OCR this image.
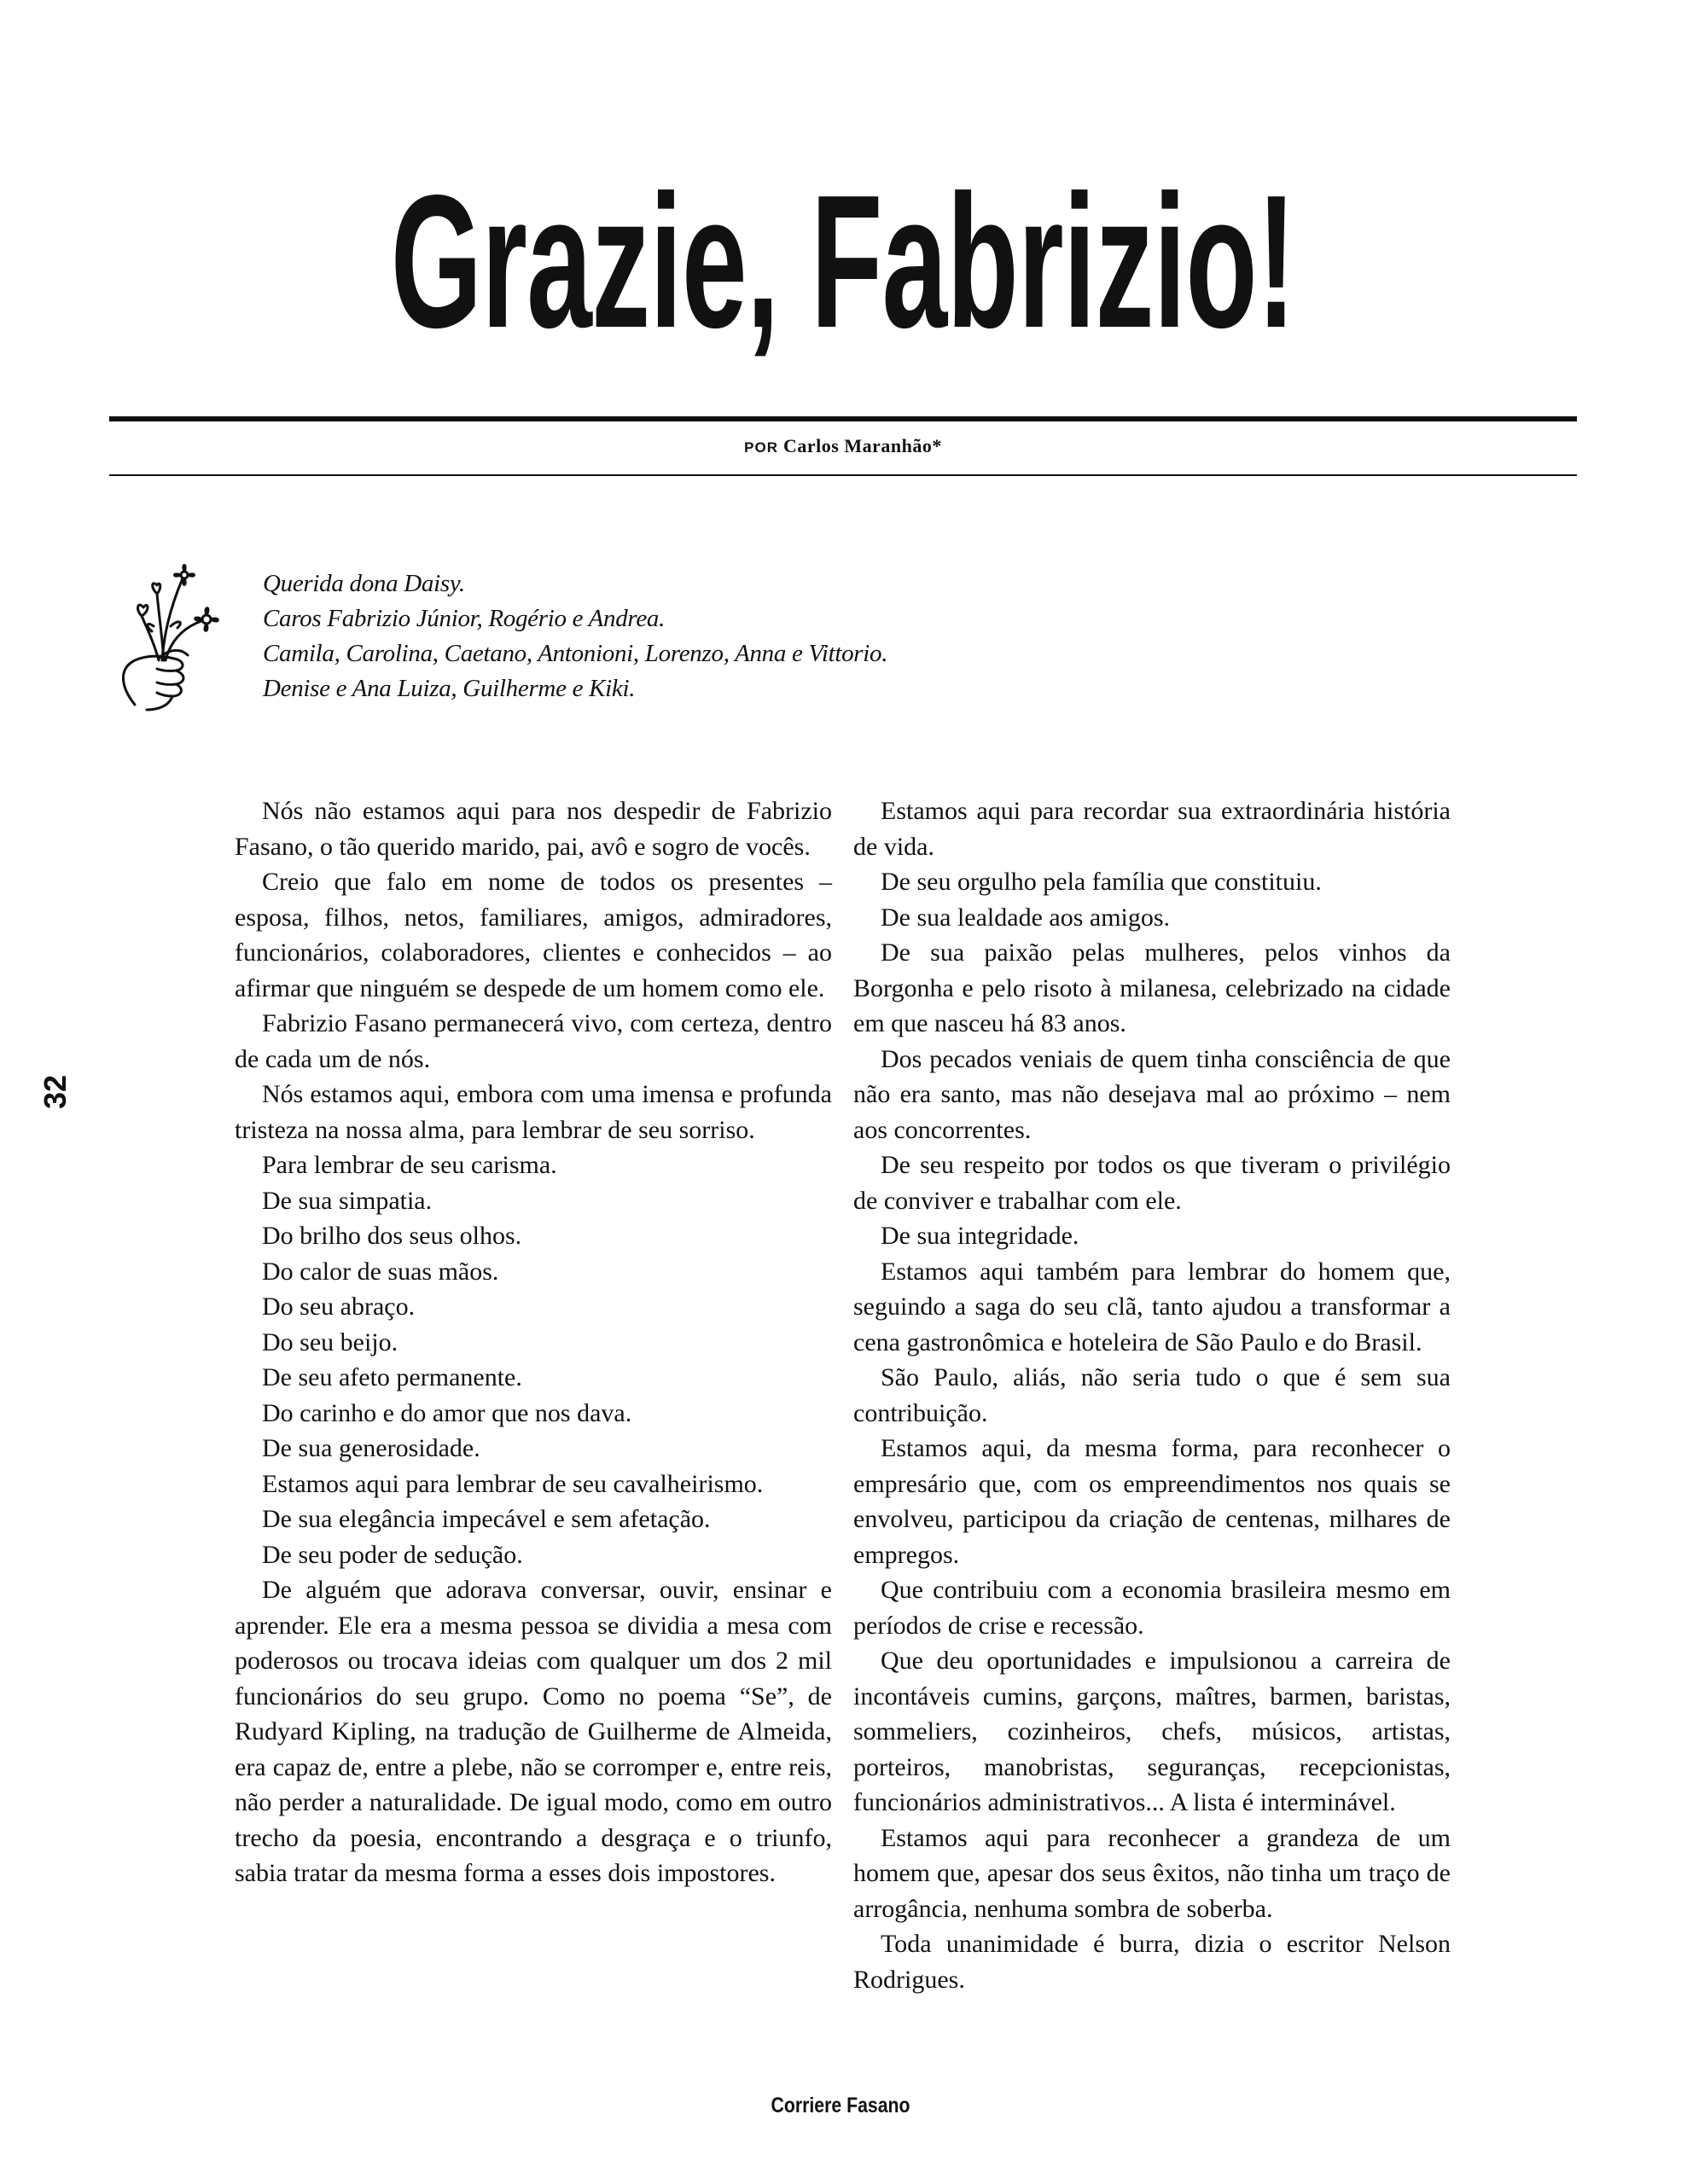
Grazie, Fabrizio!
POR Carlos Maranhão*

Querida dona Daisy.

Caros Fabrizio Júnior, Rogério e Andrea.

Camila, Carolina, Caetano, Antonioni, Lorenzo, Anna e Vittorio.

Denise e Ana Luiza, Guilherme e Kiki.

32

Nós não estamos aqui para nos despedir de Fabrizio Fasano, o tão querido marido, pai, avô e sogro de vocês.

Creio que falo em nome de todos os presentes – esposa, filhos, netos, familiares, amigos, admiradores, funcionários, colaboradores, clientes e conhecidos – ao afirmar que ninguém se despede de um homem como ele.

Fabrizio Fasano permanecerá vivo, com certeza, dentro de cada um de nós.

Nós estamos aqui, embora com uma imensa e profunda tristeza na nossa alma, para lembrar de seu sorriso.

Para lembrar de seu carisma.

De sua simpatia.

Do brilho dos seus olhos.

Do calor de suas mãos.

Do seu abraço.

Do seu beijo.

De seu afeto permanente.

Do carinho e do amor que nos dava.

De sua generosidade.

Estamos aqui para lembrar de seu cavalheirismo.

De sua elegância impecável e sem afetação.

De seu poder de sedução.

De alguém que adorava conversar, ouvir, ensinar e aprender. Ele era a mesma pessoa se dividia a mesa com poderosos ou trocava ideias com qualquer um dos 2 mil funcionários do seu grupo. Como no poema “Se”, de Rudyard Kipling, na tradução de Guilherme de Almeida, era capaz de, entre a plebe, não se corromper e, entre reis, não perder a naturalidade. De igual modo, como em outro trecho da poesia, encontrando a desgraça e o triunfo, sabia tratar da mesma forma a esses dois impostores.

Estamos aqui para recordar sua extraordinária história de vida.

De seu orgulho pela família que constituiu.

De sua lealdade aos amigos.

De sua paixão pelas mulheres, pelos vinhos da Borgonha e pelo risoto à milanesa, celebrizado na cidade em que nasceu há 83 anos.

Dos pecados veniais de quem tinha consciência de que não era santo, mas não desejava mal ao próximo – nem aos concorrentes.

De seu respeito por todos os que tiveram o privilégio de conviver e trabalhar com ele.

De sua integridade.

Estamos aqui também para lembrar do homem que, seguindo a saga do seu clã, tanto ajudou a transformar a cena gastronômica e hoteleira de São Paulo e do Brasil.

São Paulo, aliás, não seria tudo o que é sem sua contribuição.

Estamos aqui, da mesma forma, para reconhecer o empresário que, com os empreendimentos nos quais se envolveu, participou da criação de centenas, milhares de empregos.

Que contribuiu com a economia brasileira mesmo em períodos de crise e recessão.

Que deu oportunidades e impulsionou a carreira de incontáveis cumins, garçons, maîtres, barmen, baristas, sommeliers, cozinheiros, chefs, músicos, artistas, porteiros, manobristas, seguranças, recepcionistas, funcionários administrativos... A lista é interminável.

Estamos aqui para reconhecer a grandeza de um homem que, apesar dos seus êxitos, não tinha um traço de arrogância, nenhuma sombra de soberba.

Toda unanimidade é burra, dizia o escritor Nelson Rodrigues.

Corriere Fasano
